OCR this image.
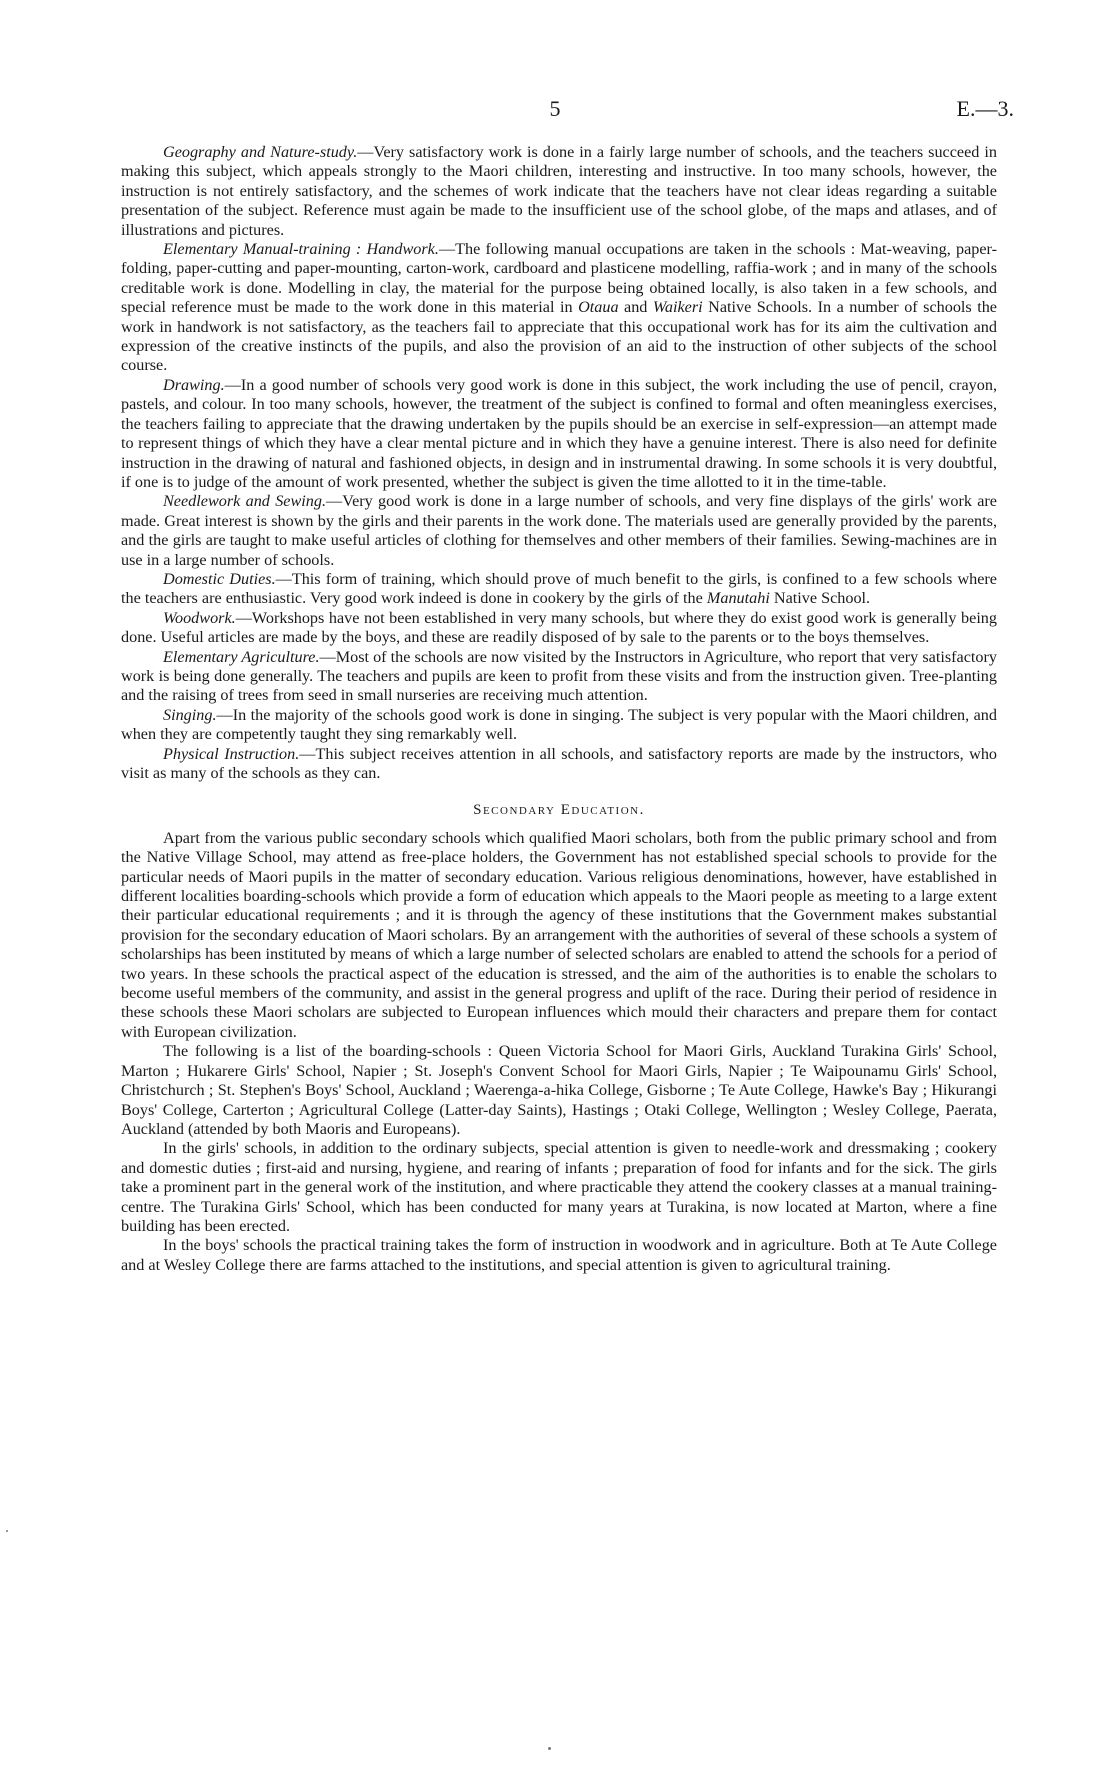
5	E.—3.

Geography and Nature-study.—Very satisfactory work is done in a fairly large number of schools, and the teachers succeed in making this subject, which appeals strongly to the Maori children, interesting and instructive. In too many schools, however, the instruction is not entirely satisfactory, and the schemes of work indicate that the teachers have not clear ideas regarding a suitable presentation of the subject. Reference must again be made to the insufficient use of the school globe, of the maps and atlases, and of illustrations and pictures.

Elementary Manual-training : Handwork.—The following manual occupations are taken in the schools : Mat-weaving, paper-folding, paper-cutting and paper-mounting, carton-work, cardboard and plasticene modelling, raffia-work ; and in many of the schools creditable work is done. Modelling in clay, the material for the purpose being obtained locally, is also taken in a few schools, and special reference must be made to the work done in this material in Otaua and Waikeri Native Schools. In a number of schools the work in handwork is not satisfactory, as the teachers fail to appreciate that this occupational work has for its aim the cultivation and expression of the creative instincts of the pupils, and also the provision of an aid to the instruction of other subjects of the school course.

Drawing.—In a good number of schools very good work is done in this subject, the work including the use of pencil, crayon, pastels, and colour. In too many schools, however, the treatment of the subject is confined to formal and often meaningless exercises, the teachers failing to appreciate that the drawing undertaken by the pupils should be an exercise in self-expression—an attempt made to represent things of which they have a clear mental picture and in which they have a genuine interest. There is also need for definite instruction in the drawing of natural and fashioned objects, in design and in instrumental drawing. In some schools it is very doubtful, if one is to judge of the amount of work presented, whether the subject is given the time allotted to it in the time-table.

Needlework and Sewing.—Very good work is done in a large number of schools, and very fine displays of the girls' work are made. Great interest is shown by the girls and their parents in the work done. The materials used are generally provided by the parents, and the girls are taught to make useful articles of clothing for themselves and other members of their families. Sewing-machines are in use in a large number of schools.

Domestic Duties.—This form of training, which should prove of much benefit to the girls, is confined to a few schools where the teachers are enthusiastic. Very good work indeed is done in cookery by the girls of the Manutahi Native School.

Woodwork.—Workshops have not been established in very many schools, but where they do exist good work is generally being done. Useful articles are made by the boys, and these are readily disposed of by sale to the parents or to the boys themselves.

Elementary Agriculture.—Most of the schools are now visited by the Instructors in Agriculture, who report that very satisfactory work is being done generally. The teachers and pupils are keen to profit from these visits and from the instruction given. Tree-planting and the raising of trees from seed in small nurseries are receiving much attention.

Singing.—In the majority of the schools good work is done in singing. The subject is very popular with the Maori children, and when they are competently taught they sing remarkably well.

Physical Instruction.—This subject receives attention in all schools, and satisfactory reports are made by the instructors, who visit as many of the schools as they can.

Secondary Education.

Apart from the various public secondary schools which qualified Maori scholars, both from the public primary school and from the Native Village School, may attend as free-place holders, the Government has not established special schools to provide for the particular needs of Maori pupils in the matter of secondary education. Various religious denominations, however, have established in different localities boarding-schools which provide a form of education which appeals to the Maori people as meeting to a large extent their particular educational requirements ; and it is through the agency of these institutions that the Government makes substantial provision for the secondary education of Maori scholars. By an arrangement with the authorities of several of these schools a system of scholarships has been instituted by means of which a large number of selected scholars are enabled to attend the schools for a period of two years. In these schools the practical aspect of the education is stressed, and the aim of the authorities is to enable the scholars to become useful members of the community, and assist in the general progress and uplift of the race. During their period of residence in these schools these Maori scholars are subjected to European influences which mould their characters and prepare them for contact with European civilization.

The following is a list of the boarding-schools : Queen Victoria School for Maori Girls, Auckland Turakina Girls' School, Marton ; Hukarere Girls' School, Napier ; St. Joseph's Convent School for Maori Girls, Napier ; Te Waipounamu Girls' School, Christchurch ; St. Stephen's Boys' School, Auckland ; Waerenga-a-hika College, Gisborne ; Te Aute College, Hawke's Bay ; Hikurangi Boys' College, Carterton ; Agricultural College (Latter-day Saints), Hastings ; Otaki College, Wellington ; Wesley College, Paerata, Auckland (attended by both Maoris and Europeans).

In the girls' schools, in addition to the ordinary subjects, special attention is given to needle-work and dressmaking ; cookery and domestic duties ; first-aid and nursing, hygiene, and rearing of infants ; preparation of food for infants and for the sick. The girls take a prominent part in the general work of the institution, and where practicable they attend the cookery classes at a manual training-centre. The Turakina Girls' School, which has been conducted for many years at Turakina, is now located at Marton, where a fine building has been erected.

In the boys' schools the practical training takes the form of instruction in woodwork and in agriculture. Both at Te Aute College and at Wesley College there are farms attached to the institutions, and special attention is given to agricultural training.
